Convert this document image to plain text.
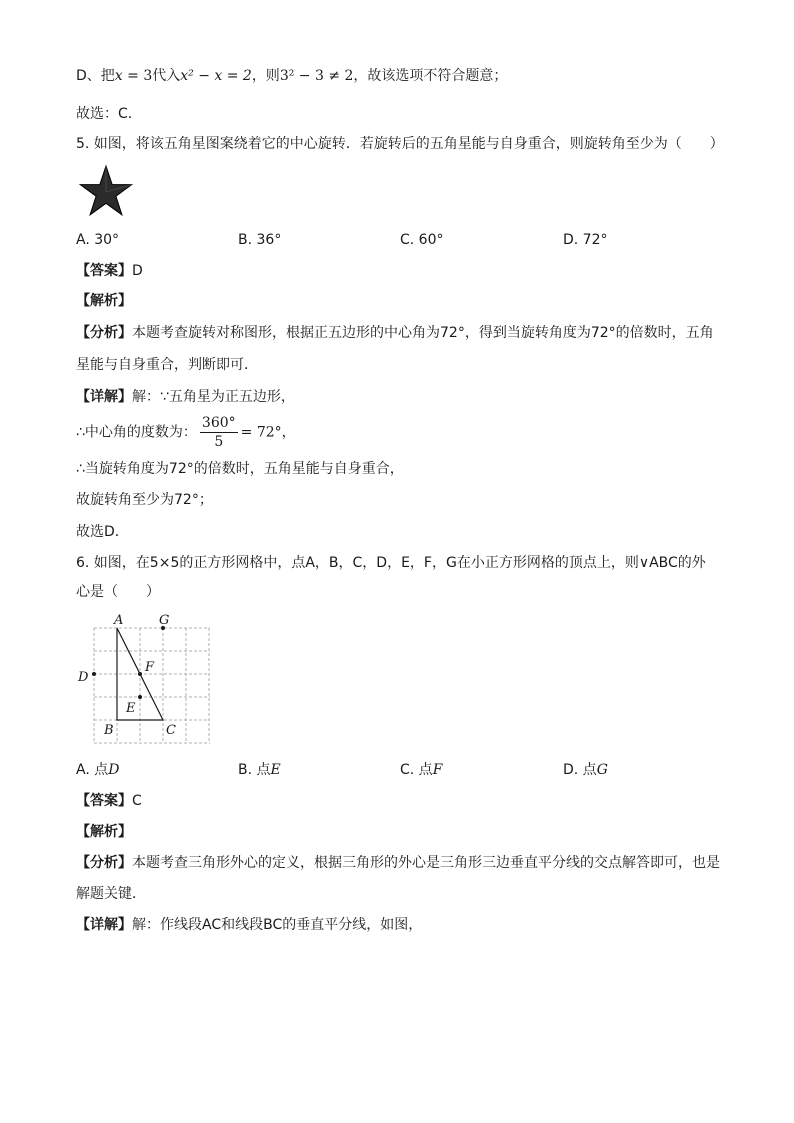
D、把x = 3代入x² − x = 2，则3² − 3 ≠ 2，故该选项不符合题意；
故选：C．
5. 如图，将该五角星图案绕着它的中心旋转．若旋转后的五角星能与自身重合，则旋转角至少为（　　）
A. 30°	B. 36°	C. 60°	D. 72°
【答案】D
【解析】
【分析】本题考查旋转对称图形，根据正五边形的中心角为72°，得到当旋转角度为72°的倍数时，五角
星能与自身重合，判断即可．
【详解】解：∵五角星为正五边形，
∴中心角的度数为： $\frac{360^\circ}{5} = 72^\circ$，
∴当旋转角度为72°的倍数时，五角星能与自身重合，
故旋转角至少为72°；
故选D．
6. 如图，在5×5的正方形网格中，点A，B，C，D，E，F，G在小正方形网格的顶点上，则∨ABC的外
心是（　　）
A	G
D
F
E
B	C
A. 点D	B. 点E	C. 点F	D. 点G
【答案】C
【解析】
【分析】本题考查三角形外心的定义，根据三角形的外心是三角形三边垂直平分线的交点解答即可，也是
解题关键．
【详解】解：作线段AC和线段BC的垂直平分线，如图，
